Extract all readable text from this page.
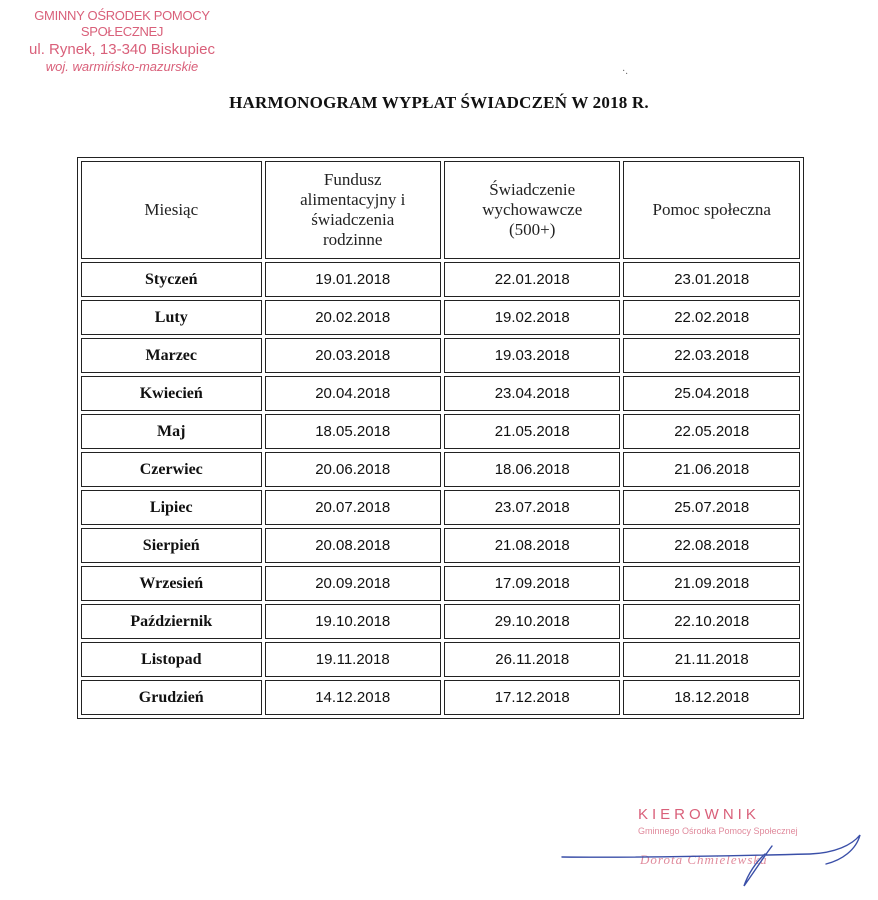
GMINNY OŚRODEK POMOCY SPOŁECZNEJ
ul. Rynek, 13-340 Biskupiec
woj. warmińsko-mazurskie	·.
HARMONOGRAM WYPŁAT ŚWIADCZEŃ W 2018 R.
Miesiąc	Fundusz
alimentacyjny i
świadczenia
rodzinne	Świadczenie
wychowawcze
(500+)	Pomoc społeczna

Styczeń	19.01.2018	22.01.2018	23.01.2018
Luty	20.02.2018	19.02.2018	22.02.2018
Marzec	20.03.2018	19.03.2018	22.03.2018
Kwiecień	20.04.2018	23.04.2018	25.04.2018
Maj	18.05.2018	21.05.2018	22.05.2018
Czerwiec	20.06.2018	18.06.2018	21.06.2018
Lipiec	20.07.2018	23.07.2018	25.07.2018
Sierpień	20.08.2018	21.08.2018	22.08.2018
Wrzesień	20.09.2018	17.09.2018	21.09.2018
Październik	19.10.2018	29.10.2018	22.10.2018
Listopad	19.11.2018	26.11.2018	21.11.2018
Grudzień	14.12.2018	17.12.2018	18.12.2018
KIEROWNIK
Gminnego Ośrodka Pomocy Społecznej
Dorota Chmielewska
